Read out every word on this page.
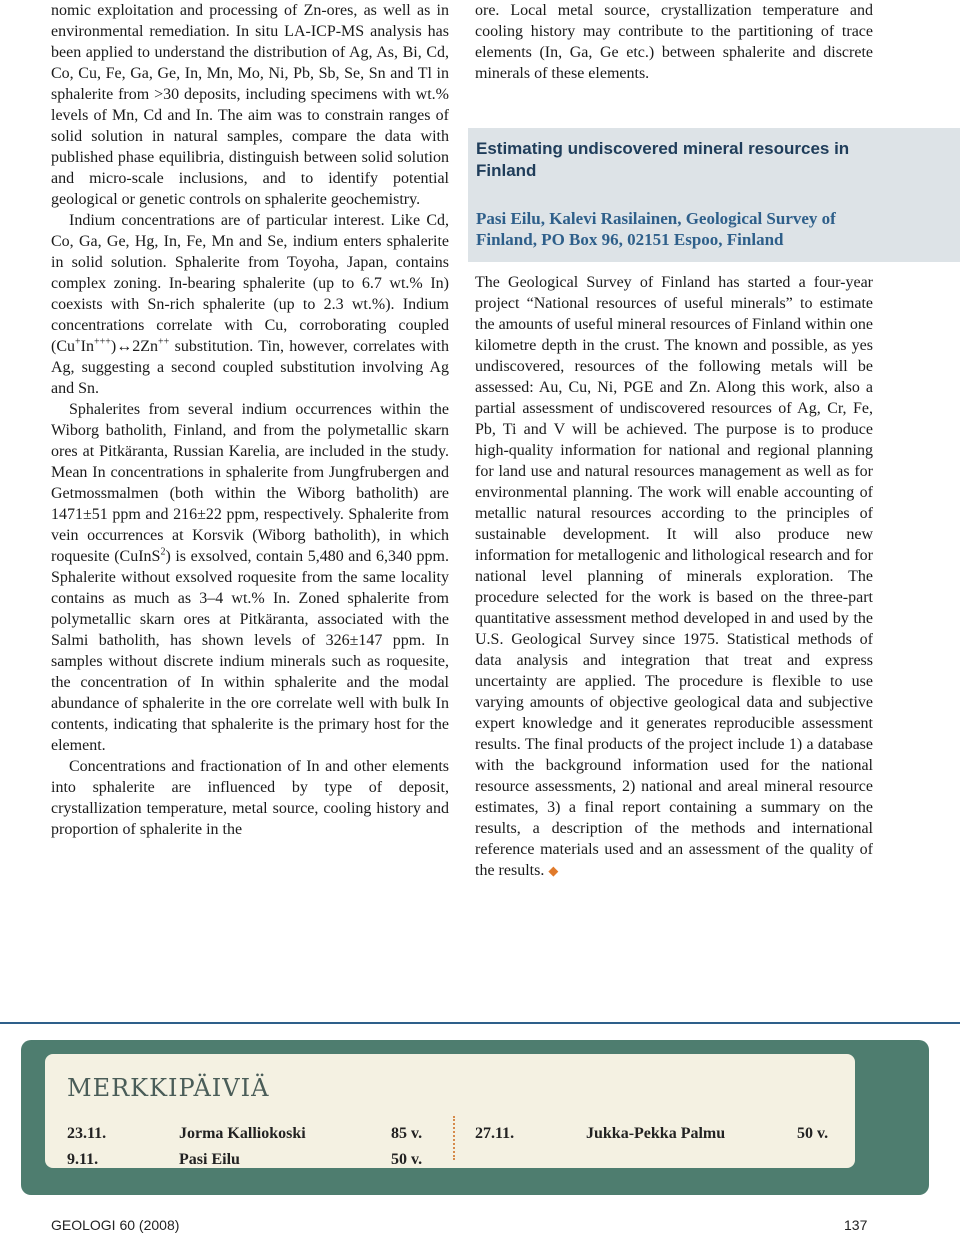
nomic exploitation and processing of Zn-ores, as well as in environmental remediation. In situ LA-ICP-MS analysis has been applied to understand the distribution of Ag, As, Bi, Cd, Co, Cu, Fe, Ga, Ge, In, Mn, Mo, Ni, Pb, Sb, Se, Sn and Tl in sphalerite from >30 deposits, including specimens with wt.% levels of Mn, Cd and In. The aim was to constrain ranges of solid solution in natural samples, compare the data with published phase equilibria, distinguish between solid solution and micro-scale inclusions, and to identify potential geological or genetic controls on sphalerite geochemistry.

Indium concentrations are of particular interest. Like Cd, Co, Ga, Ge, Hg, In, Fe, Mn and Se, indium enters sphalerite in solid solution. Sphalerite from Toyoha, Japan, contains complex zoning. In-bearing sphalerite (up to 6.7 wt.% In) coexists with Sn-rich sphalerite (up to 2.3 wt.%). Indium concentrations correlate with Cu, corroborating coupled (Cu+In+++)↔2Zn++ substitution. Tin, however, correlates with Ag, suggesting a second coupled substitution involving Ag and Sn.

Sphalerites from several indium occurrences within the Wiborg batholith, Finland, and from the polymetallic skarn ores at Pitkäranta, Russian Karelia, are included in the study. Mean In concentrations in sphalerite from Jungfrubergen and Getmossmalmen (both within the Wiborg batholith) are 1471±51 ppm and 216±22 ppm, respectively. Sphalerite from vein occurrences at Korsvik (Wiborg batholith), in which roquesite (CuInS$^2$) is exsolved, contain 5,480 and 6,340 ppm. Sphalerite without exsolved roquesite from the same locality contains as much as 3–4 wt.% In. Zoned sphalerite from polymetallic skarn ores at Pitkäranta, associated with the Salmi batholith, has shown levels of 326±147 ppm. In samples without discrete indium minerals such as roquesite, the concentration of In within sphalerite and the modal abundance of sphalerite in the ore correlate well with bulk In contents, indicating that sphalerite is the primary host for the element.

Concentrations and fractionation of In and other elements into sphalerite are influenced by type of deposit, crystallization temperature, metal source, cooling history and proportion of sphalerite in the

ore. Local metal source, crystallization temperature and cooling history may contribute to the partitioning of trace elements (In, Ga, Ge etc.) between sphalerite and discrete minerals of these elements.

Estimating undiscovered mineral resources in Finland
Pasi Eilu, Kalevi Rasilainen, Geological Survey of Finland, PO Box 96, 02151 Espoo, Finland

The Geological Survey of Finland has started a four-year project “National resources of useful minerals” to estimate the amounts of useful mineral resources of Finland within one kilometre depth in the crust. The known and possible, as yes undiscovered, resources of the following metals will be assessed: Au, Cu, Ni, PGE and Zn. Along this work, also a partial assessment of undiscovered resources of Ag, Cr, Fe, Pb, Ti and V will be achieved. The purpose is to produce high-quality information for national and regional planning for land use and natural resources management as well as for environmental planning. The work will enable accounting of metallic natural resources according to the principles of sustainable development. It will also produce new information for metallogenic and lithological research and for national level planning of minerals exploration. The procedure selected for the work is based on the three-part quantitative assessment method developed in and used by the U.S. Geological Survey since 1975. Statistical methods of data analysis and integration that treat and express uncertainty are applied. The procedure is flexible to use varying amounts of objective geological data and subjective expert knowledge and it generates reproducible assessment results. The final products of the project include 1) a database with the background information used for the national resource assessments, 2) national and areal mineral resource estimates, 3) a final report containing a summary on the results, a description of the methods and international reference materials used and an assessment of the quality of the results. ◆

MERKKIPÄIVIÄ
23.11.	Jorma Kalliokoski	85 v.
9.11.	Pasi Eilu	50 v.
27.11.	Jukka-Pekka Palmu	50 v.
GEOLOGI 60 (2008)	137
